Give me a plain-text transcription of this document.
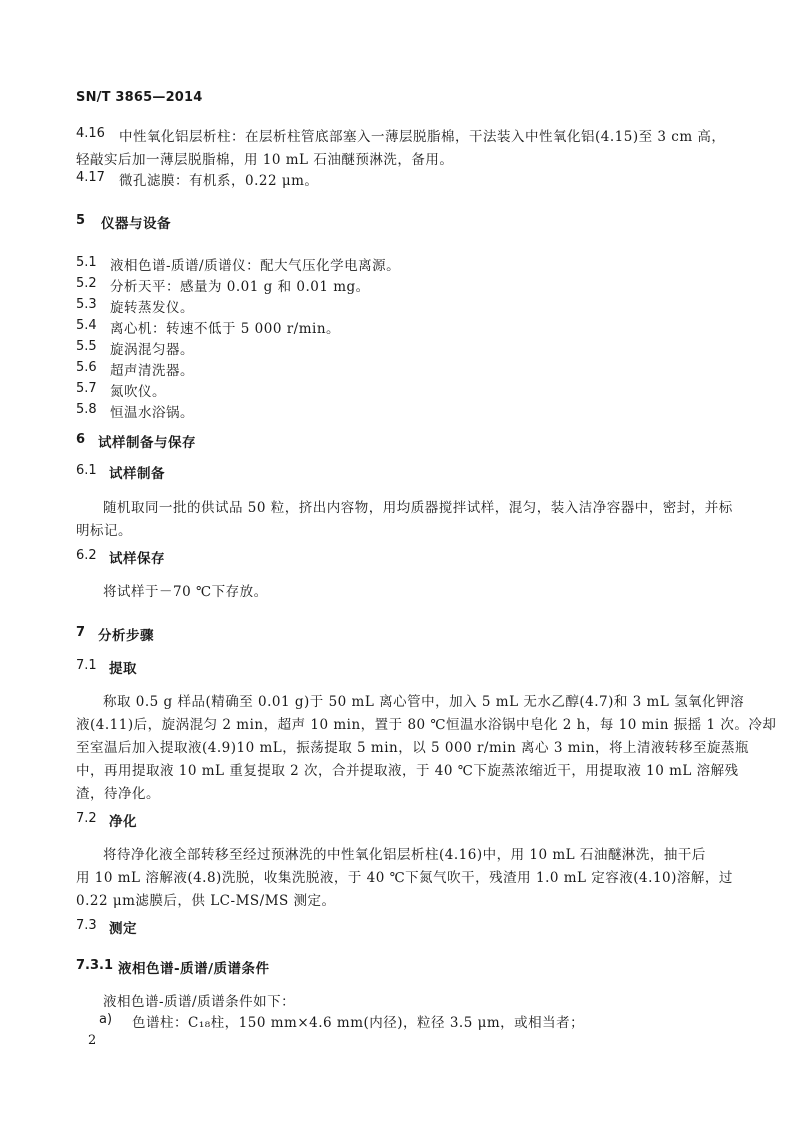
SN/T 3865—2014
4.16 中性氧化铝层析柱：在层析柱管底部塞入一薄层脱脂棉，干法装入中性氧化铝(4.15)至 3 cm 高，
轻敲实后加一薄层脱脂棉，用 10 mL 石油醚预淋洗，备用。
4.17 微孔滤膜：有机系，0.22 μm。
5 仪器与设备
5.1 液相色谱-质谱/质谱仪：配大气压化学电离源。
5.2 分析天平：感量为 0.01 g 和 0.01 mg。
5.3 旋转蒸发仪。
5.4 离心机：转速不低于 5 000 r/min。
5.5 旋涡混匀器。
5.6 超声清洗器。
5.7 氮吹仪。
5.8 恒温水浴锅。
6 试样制备与保存
6.1 试样制备
随机取同一批的供试品 50 粒，挤出内容物，用均质器搅拌试样，混匀，装入洁净容器中，密封，并标
明标记。
6.2 试样保存
将试样于－70 ℃下存放。
7 分析步骤
7.1 提取
称取 0.5 g 样品(精确至 0.01 g)于 50 mL 离心管中，加入 5 mL 无水乙醇(4.7)和 3 mL 氢氧化钾溶
液(4.11)后，旋涡混匀 2 min，超声 10 min，置于 80 ℃恒温水浴锅中皂化 2 h，每 10 min 振摇 1 次。冷却
至室温后加入提取液(4.9)10 mL，振荡提取 5 min，以 5 000 r/min 离心 3 min，将上清液转移至旋蒸瓶
中，再用提取液 10 mL 重复提取 2 次，合并提取液，于 40 ℃下旋蒸浓缩近干，用提取液 10 mL 溶解残
渣，待净化。
7.2 净化
将待净化液全部转移至经过预淋洗的中性氧化铝层析柱(4.16)中，用 10 mL 石油醚淋洗，抽干后
用 10 mL 溶解液(4.8)洗脱，收集洗脱液，于 40 ℃下氮气吹干，残渣用 1.0 mL 定容液(4.10)溶解，过
0.22 μm滤膜后，供 LC-MS/MS 测定。
7.3 测定
7.3.1 液相色谱-质谱/质谱条件
液相色谱-质谱/质谱条件如下：
a) 色谱柱：C₁₈柱，150 mm×4.6 mm(内径)，粒径 3.5 μm，或相当者；
2
